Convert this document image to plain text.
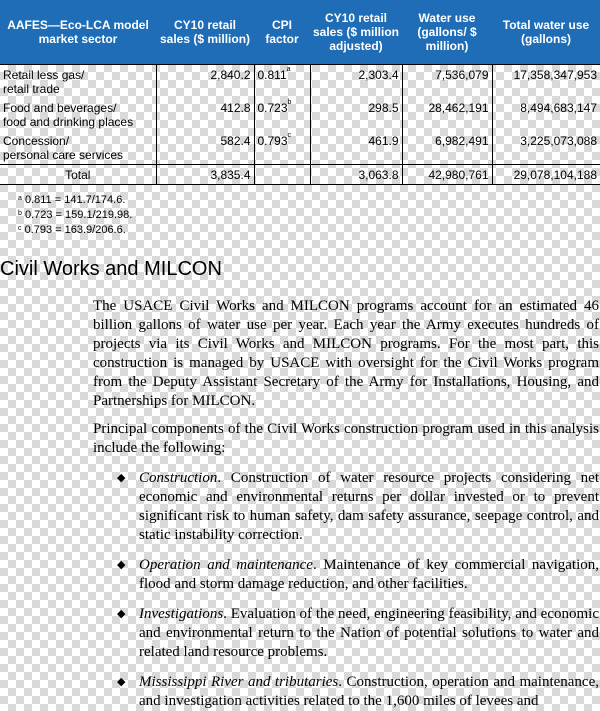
AAFES—Eco-LCA model market sector	CY10 retail sales ($ million)	CPI factor	CY10 retail sales ($ million adjusted)	Water use (gallons/ $ million)	Total water use (gallons)
Retail less gas/
retail trade	2,840.2	0.811$^a$	2,303.4	7,536,079	17,358,347,953
Food and beverages/
food and drinking places	412.8	0.723$^b$	298.5	28,462,191	8,494,683,147
Concession/
personal care services	582.4	0.793$^c$	461.9	6,982,491	3,225,073,088
Total	3,835.4		3,063.8	42,980,761	29,078,104,188
$^a$ 0.811 = 141.7/174.6.
$^b$ 0.723 = 159.1/219.98.
$^c$ 0.793 = 163.9/206.6.
Civil Works and MILCON

The USACE Civil Works and MILCON programs account for an estimated 46 billion gallons of water use per year. Each year the Army executes hundreds of projects via its Civil Works and MILCON programs. For the most part, this construction is managed by USACE with oversight for the Civil Works program from the Deputy Assistant Secretary of the Army for Installations, Housing, and Partnerships for MILCON.

Principal components of the Civil Works construction program used in this analysis include the following:

◆ Construction. Construction of water resource projects considering net economic and environmental returns per dollar invested or to prevent significant risk to human safety, dam safety assurance, seepage control, and static instability correction.
◆ Operation and maintenance. Maintenance of key commercial navigation, flood and storm damage reduction, and other facilities.
◆ Investigations. Evaluation of the need, engineering feasibility, and economic and environmental return to the Nation of potential solutions to water and related land resource problems.
◆ Mississippi River and tributaries. Construction, operation and maintenance, and investigation activities related to the 1,600 miles of levees and
